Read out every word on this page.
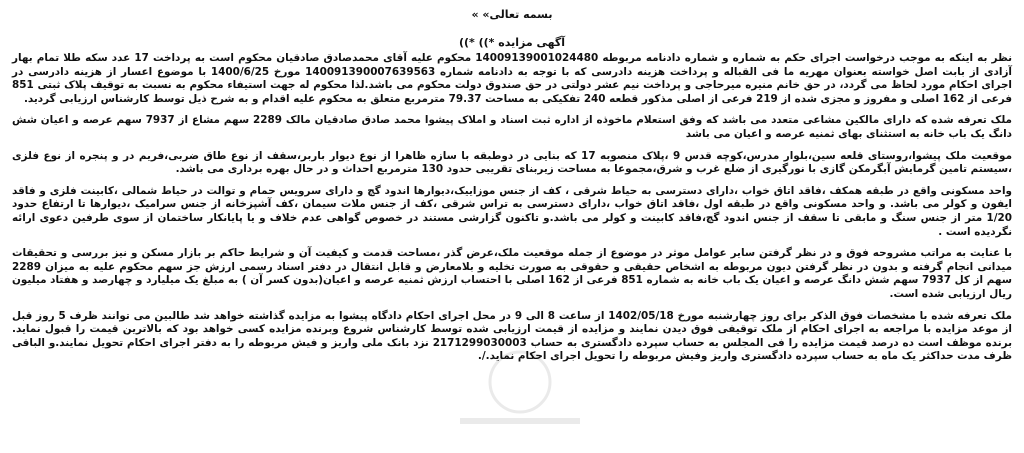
بسمه تعالی» »

آگهی مزایده *)) *))

نظر به اینکه به موجب درخواست اجرای حکم به شماره و شماره دادنامه مربوطه 14009139001024480 محکوم علیه آقای محمدصادق صادقیان محکوم است به پرداخت 17 عدد سکه طلا تمام بهار آزادی از بابت اصل خواسته بعنوان مهریه ما فی القباله و پرداخت هزینه دادرسی که با توجه به دادنامه شماره 140091390007639563 مورخ 1400/6/25 با موضوع اعسار از هزینه دادرسی در اجرای احکام مورد لحاظ می گردد، در حق خانم منیره میرحاجی و پرداخت نیم عشر دولتی در حق صندوق دولت محکوم می باشد.لذا محکوم له جهت استیفاء محکوم به نسبت به توقیف پلاک ثبتی 851 فرعی از 162 اصلی و مفروز و مجزی شده از 219 فرعی از اصلی مذکور قطعه 240 تفکیکی به مساحت 79.37 مترمربع متعلق به محکوم علیه اقدام و به شرح ذیل توسط کارشناس ارزیابی گردید.

ملک تعرفه شده که دارای مالکین مشاعی متعدد می باشد که وفق استعلام ماخوذه از اداره ثبت اسناد و املاک پیشوا محمد صادق صادقیان مالک 2289 سهم مشاع از 7937 سهم عرصه و اعیان شش دانگ یک باب خانه به استثنای بهای ثمنیه عرصه و اعیان می باشد

موقعیت ملک پیشوا،روستای قلعه سین،بلوار مدرس،کوچه قدس 9 ،پلاک منصوبه 17 که بنایی در دوطبقه با سازه ظاهرا از نوع دیوار باربر،سقف از نوع طاق ضربی،فریم در و پنجره از نوع فلزی ،سیستم تامین گرمایش آبگرمکن گازی با نورگیری از ضلع غرب و شرق،مجموعا به مساحت زیربنای تقریبی حدود 130 مترمربع احداث و در حال بهره برداری می باشد.

واحد مسکونی واقع در طبقه همکف ،فاقد اتاق خواب ،دارای دسترسی به حیاط شرقی ، کف از جنس موزاییک،دیوارها اندود گچ و دارای سرویس حمام و توالت در حیاط شمالی ،کابینت فلزی و فاقد ایفون و کولر می باشد. و واحد مسکونی واقع در طبقه اول ،فاقد اتاق خواب ،دارای دسترسی به تراس شرقی ،کف از جنس ملات سیمان ،کف آشپزخانه از جنس سرامیک ،دیوارها تا ارتفاع حدود 1/20 متر از جنس سنگ و مابقی تا سقف از جنس اندود گچ،فاقد کابینت و کولر می باشد.و تاکنون گزارشی مستند در خصوص گواهی عدم خلاف و یا پایانکار ساختمان از سوی طرفین دعوی ارائه نگردیده است .

با عنایت به مراتب مشروحه فوق و در نظر گرفتن سایر عوامل موثر در موضوع از جمله موقعیت ملک،عرض گذر ،مساحت قدمت و کیفیت آن و شرایط حاکم بر بازار مسکن و نیز بررسی و تحقیقات میدانی انجام گرفته و بدون در نظر گرفتن دیون مربوطه به اشخاص حقیقی و حقوقی به صورت تخلیه و بلامعارض و قابل انتقال در دفتر اسناد رسمی ارزش جز سهم محکوم علیه به میزان 2289 سهم از کل 7937 سهم شش دانگ عرصه و اعیان یک باب خانه به شماره 851 فرعی از 162 اصلی با احتساب ارزش ثمنیه عرصه و اعیان(بدون کسر آن ) به مبلغ یک میلیارد و چهارصد و هفتاد میلیون ریال ارزیابی شده است.

ملک تعرفه شده با مشخصات فوق الذکر برای روز چهارشنبه مورخ 1402/05/18 از ساعت 8 الی 9 در محل اجرای احکام دادگاه پیشوا به مزایده گذاشته خواهد شد طالبین می توانند ظرف 5 روز قبل از موعد مزایده با مراجعه به اجرای احکام از ملک توقیفی فوق دیدن نمایند و مزایده از قیمت ارزیابی شده توسط کارشناس شروع وبرنده مزایده کسی خواهد بود که بالاترین قیمت را قبول نماید. برنده موظف است ده درصد قیمت مزایده را فی المجلس به حساب سپرده دادگستری به حساب 2171299030003 نزد بانک ملی واریز و فیش مربوطه را به دفتر اجرای احکام تحویل نمایند.و الباقی ظرف مدت حداکثر یک ماه به حساب سپرده دادگستری واریز وفیش مربوطه را تحویل اجرای احکام نماید./.
